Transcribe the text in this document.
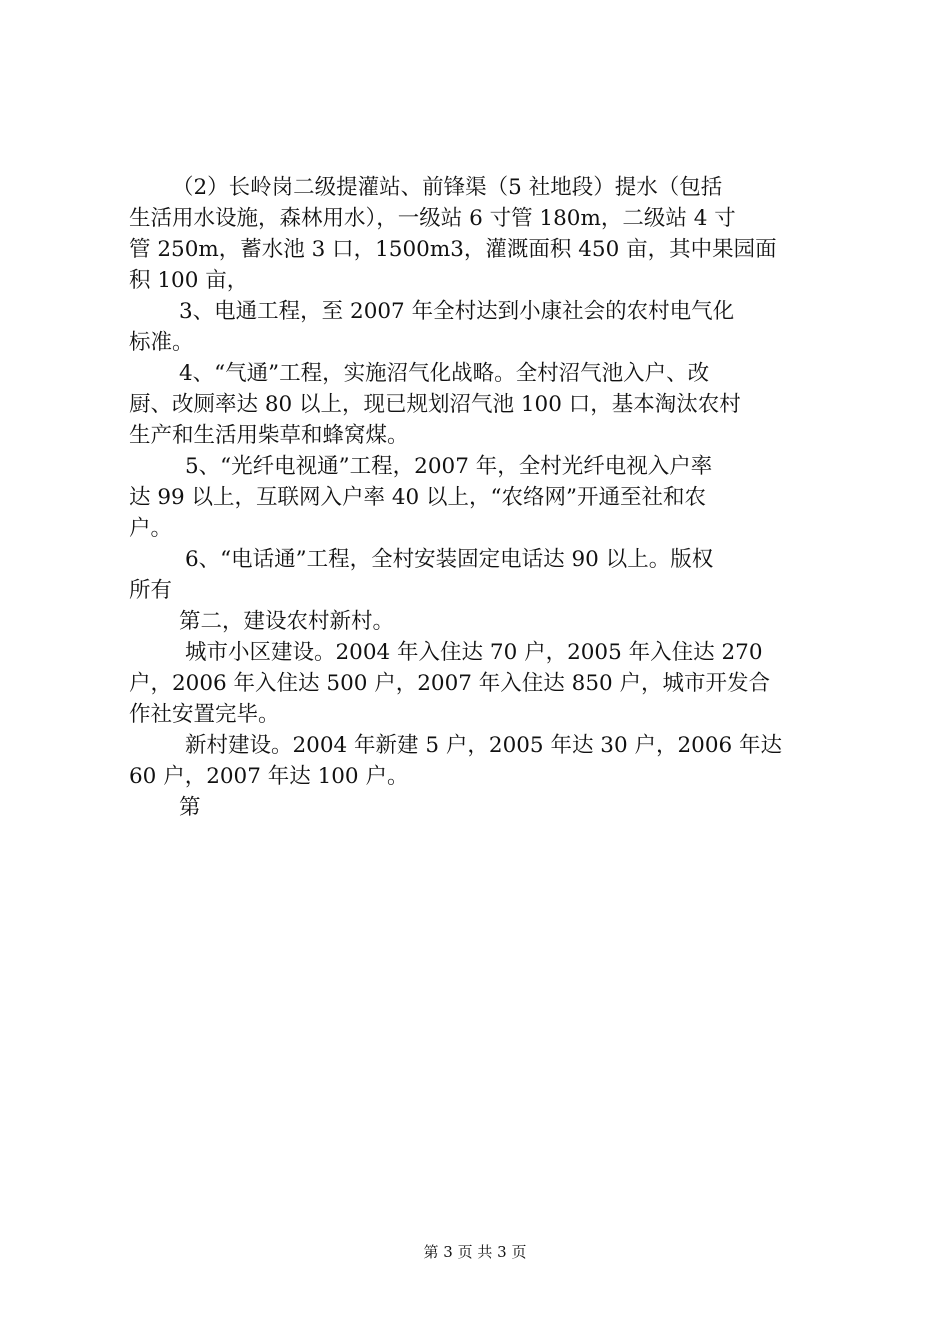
（2）长岭岗二级提灌站、前锋渠（5 社地段）提水（包括
生活用水设施，森林用水），一级站 6 寸管 180m，二级站 4 寸
管 250m，蓄水池 3 口，1500m3，灌溉面积 450 亩，其中果园面
积 100 亩，
3、电通工程，至 2007 年全村达到小康社会的农村电气化
标准。
4、“气通”工程，实施沼气化战略。全村沼气池入户、改
厨、改厕率达 80 以上，现已规划沼气池 100 口，基本淘汰农村
生产和生活用柴草和蜂窝煤。
5、“光纤电视通”工程，2007 年，全村光纤电视入户率
达 99 以上，互联网入户率 40 以上，“农络网”开通至社和农
户。
6、“电话通”工程，全村安装固定电话达 90 以上。版权
所有
第二，建设农村新村。
城市小区建设。2004 年入住达 70 户，2005 年入住达 270
户，2006 年入住达 500 户，2007 年入住达 850 户，城市开发合
作社安置完毕。
新村建设。2004 年新建 5 户，2005 年达 30 户，2006 年达
60 户，2007 年达 100 户。
第
第 3 页 共 3 页
